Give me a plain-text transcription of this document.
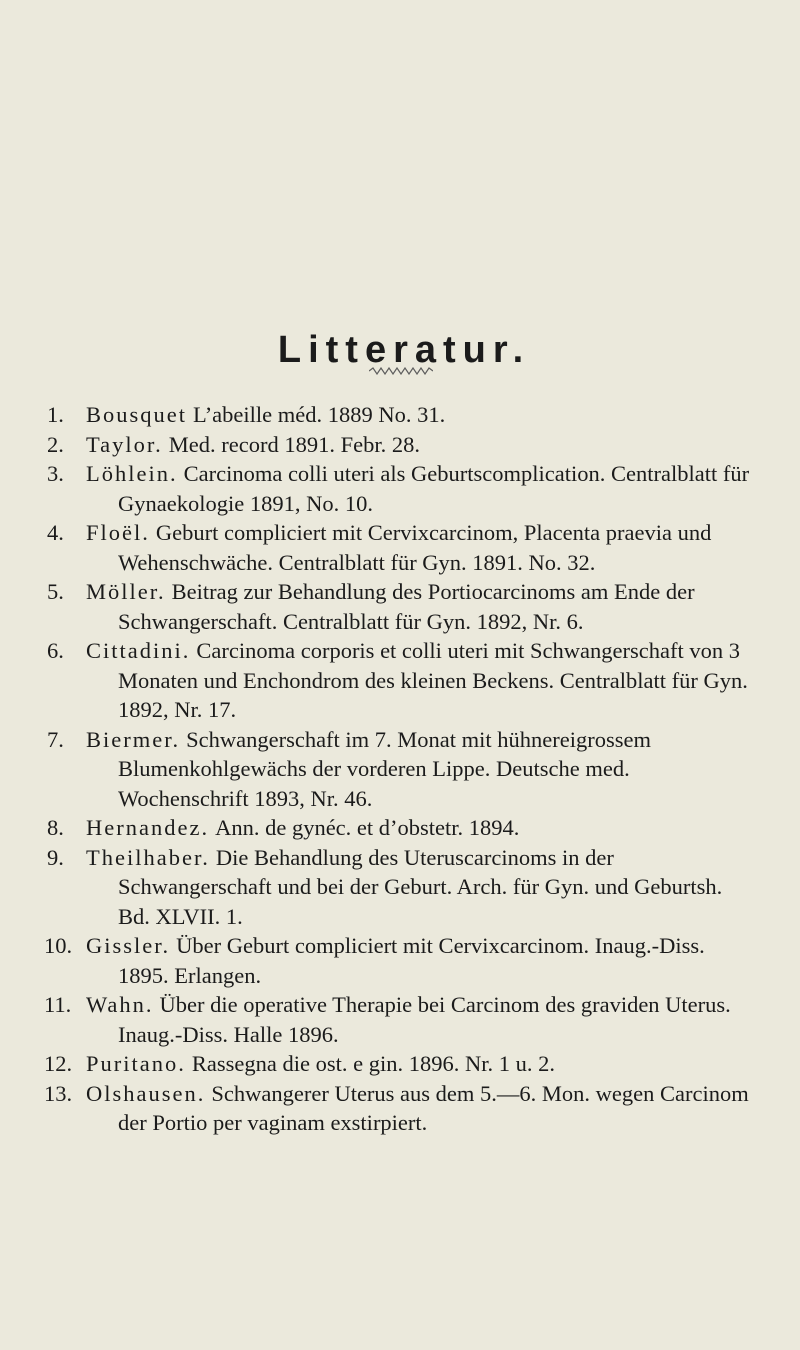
Litteratur.
1. Bousquet L’abeille méd. 1889 No. 31.
2. Taylor. Med. record 1891. Febr. 28.
3. Löhlein. Carcinoma colli uteri als Geburtscomplication. Centralblatt für Gynaekologie 1891, No. 10.
4. Floël. Geburt compliciert mit Cervixcarcinom, Placenta praevia und Wehenschwäche. Centralblatt für Gyn. 1891. No. 32.
5. Möller. Beitrag zur Behandlung des Portiocarcinoms am Ende der Schwangerschaft. Centralblatt für Gyn. 1892, Nr. 6.
6. Cittadini. Carcinoma corporis et colli uteri mit Schwangerschaft von 3 Monaten und Enchondrom des kleinen Beckens. Centralblatt für Gyn. 1892, Nr. 17.
7. Biermer. Schwangerschaft im 7. Monat mit hühnereigrossem Blumenkohlgewächs der vorderen Lippe. Deutsche med. Wochenschrift 1893, Nr. 46.
8. Hernandez. Ann. de gynéc. et d’obstetr. 1894.
9. Theilhaber. Die Behandlung des Uteruscarcinoms in der Schwangerschaft und bei der Geburt. Arch. für Gyn. und Geburtsh. Bd. XLVII. 1.
10. Gissler. Über Geburt compliciert mit Cervixcarcinom. Inaug.-Diss. 1895. Erlangen.
11. Wahn. Über die operative Therapie bei Carcinom des graviden Uterus. Inaug.-Diss. Halle 1896.
12. Puritano. Rassegna die ost. e gin. 1896. Nr. 1 u. 2.
13. Olshausen. Schwangerer Uterus aus dem 5.—6. Mon. wegen Carcinom der Portio per vaginam exstirpiert.
